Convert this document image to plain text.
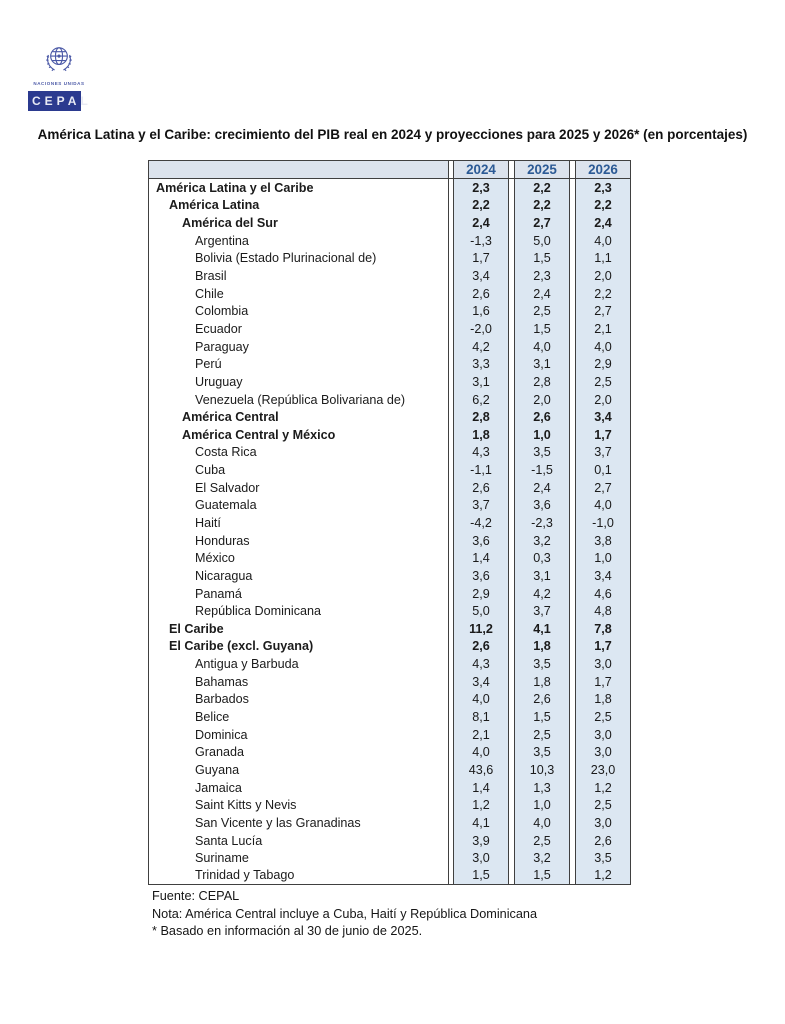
NACIONES UNIDAS
CEPAL
América Latina y el Caribe: crecimiento del PIB real en 2024 y proyecciones para 2025 y 2026* (en porcentajes)
2024	2025	2026
América Latina y el Caribe	2,3	2,2	2,3
América Latina	2,2	2,2	2,2
América del Sur	2,4	2,7	2,4
Argentina	-1,3	5,0	4,0
Bolivia (Estado Plurinacional de)	1,7	1,5	1,1
Brasil	3,4	2,3	2,0
Chile	2,6	2,4	2,2
Colombia	1,6	2,5	2,7
Ecuador	-2,0	1,5	2,1
Paraguay	4,2	4,0	4,0
Perú	3,3	3,1	2,9
Uruguay	3,1	2,8	2,5
Venezuela (República Bolivariana de)	6,2	2,0	2,0
América Central	2,8	2,6	3,4
América Central y México	1,8	1,0	1,7
Costa Rica	4,3	3,5	3,7
Cuba	-1,1	-1,5	0,1
El Salvador	2,6	2,4	2,7
Guatemala	3,7	3,6	4,0
Haití	-4,2	-2,3	-1,0
Honduras	3,6	3,2	3,8
México	1,4	0,3	1,0
Nicaragua	3,6	3,1	3,4
Panamá	2,9	4,2	4,6
República Dominicana	5,0	3,7	4,8
El Caribe	11,2	4,1	7,8
El Caribe (excl. Guyana)	2,6	1,8	1,7
Antigua y Barbuda	4,3	3,5	3,0
Bahamas	3,4	1,8	1,7
Barbados	4,0	2,6	1,8
Belice	8,1	1,5	2,5
Dominica	2,1	2,5	3,0
Granada	4,0	3,5	3,0
Guyana	43,6	10,3	23,0
Jamaica	1,4	1,3	1,2
Saint Kitts y Nevis	1,2	1,0	2,5
San Vicente y las Granadinas	4,1	4,0	3,0
Santa Lucía	3,9	2,5	2,6
Suriname	3,0	3,2	3,5
Trinidad y Tabago	1,5	1,5	1,2
Fuente: CEPAL
Nota: América Central incluye a Cuba, Haití y República Dominicana
* Basado en información al 30 de junio de 2025.
